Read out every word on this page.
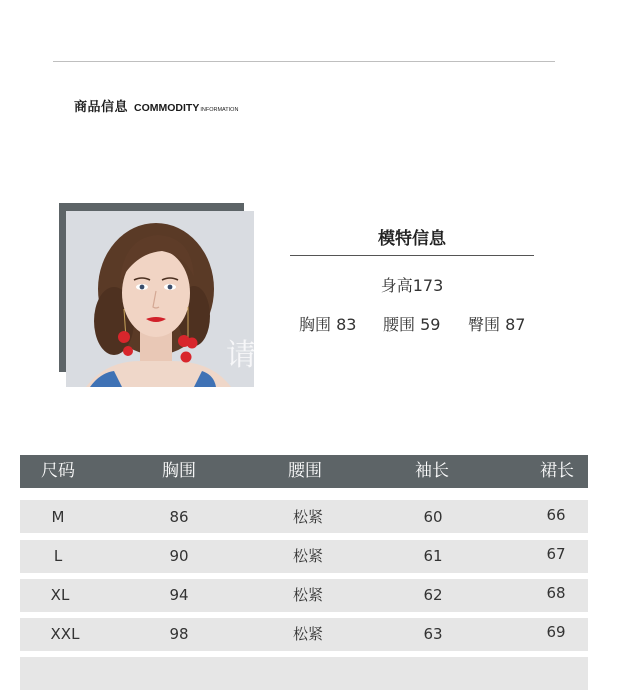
商品信息 COMMODITY INFORMATION
请
模特信息
身高173
胸围 83 腰围 59 臀围 87
尺码	胸围	腰围	袖长	裙长
M	86	松紧	60	66
L	90	松紧	61	67
XL	94	松紧	62	68
XXL	98	松紧	63	69
